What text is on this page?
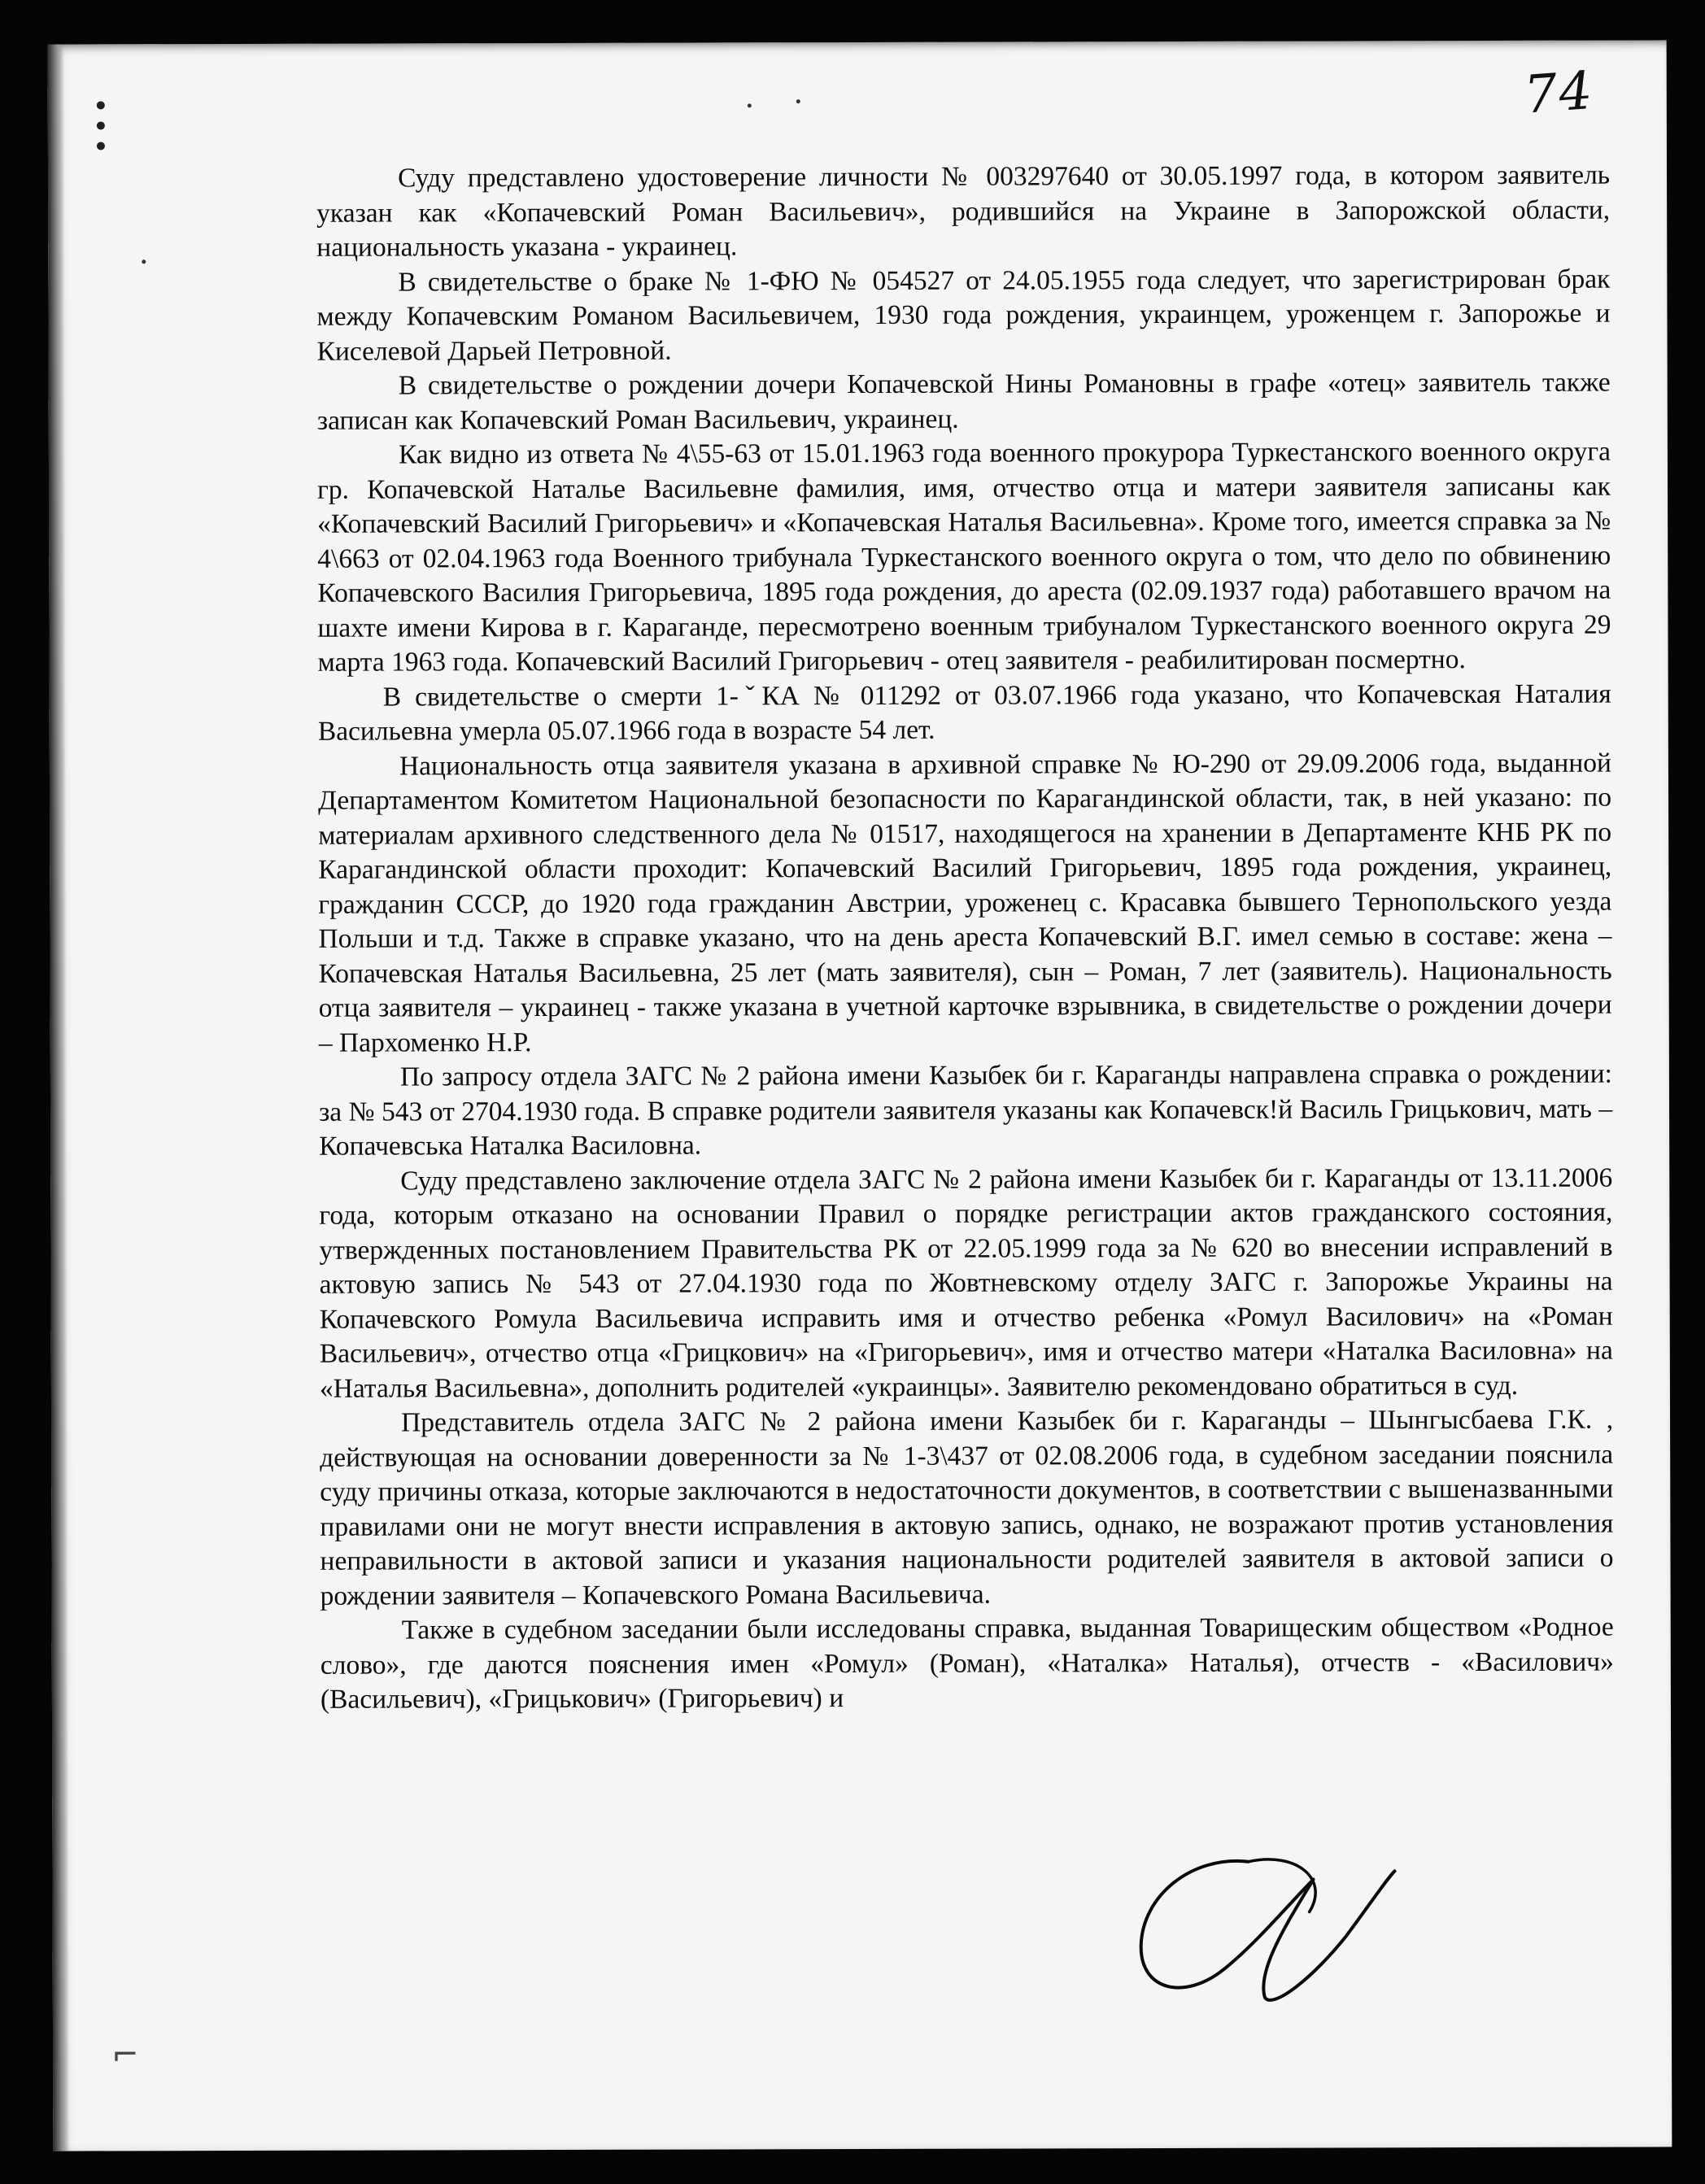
74
⌐

Суду представлено удостоверение личности № 003297640 от 30.05.1997 года, в котором заявитель указан как «Копачевский Роман Васильевич», родившийся на Украине в Запорожской области, национальность указана - украинец.

В свидетельстве о браке № 1-ФЮ № 054527 от 24.05.1955 года следует, что зарегистрирован брак между Копачевским Романом Васильевичем, 1930 года рождения, украинцем, уроженцем г. Запорожье и Киселевой Дарьей Петровной.

В свидетельстве о рождении дочери Копачевской Нины Романовны в графе «отец» заявитель также записан как Копачевский Роман Васильевич, украинец.

Как видно из ответа № 4\55-63 от 15.01.1963 года военного прокурора Туркестанского военного округа гр. Копачевской Наталье Васильевне фамилия, имя, отчество отца и матери заявителя записаны как «Копачевский Василий Григорьевич» и «Копачевская Наталья Васильевна». Кроме того, имеется справка за № 4\663 от 02.04.1963 года Военного трибунала Туркестанского военного округа о том, что дело по обвинению Копачевского Василия Григорьевича, 1895 года рождения, до ареста (02.09.1937 года) работавшего врачом на шахте имени Кирова в г. Караганде, пересмотрено военным трибуналом Туркестанского военного округа 29 марта 1963 года. Копачевский Василий Григорьевич - отец заявителя - реабилитирован посмертно.

В свидетельстве о смерти 1-ˇКА № 011292 от 03.07.1966 года указано, что Копачевская Наталия Васильевна умерла 05.07.1966 года в возрасте 54 лет.

Национальность отца заявителя указана в архивной справке № Ю-290 от 29.09.2006 года, выданной Департаментом Комитетом Национальной безопасности по Карагандинской области, так, в ней указано: по материалам архивного следственного дела № 01517, находящегося на хранении в Департаменте КНБ РК по Карагандинской области проходит: Копачевский Василий Григорьевич, 1895 года рождения, украинец, гражданин СССР, до 1920 года гражданин Австрии, уроженец с. Красавка бывшего Тернопольского уезда Польши и т.д. Также в справке указано, что на день ареста Копачевский В.Г. имел семью в составе: жена – Копачевская Наталья Васильевна, 25 лет (мать заявителя), сын – Роман, 7 лет (заявитель). Национальность отца заявителя – украинец - также указана в учетной карточке взрывника, в свидетельстве о рождении дочери – Пархоменко Н.Р.

По запросу отдела ЗАГС № 2 района имени Казыбек би г. Караганды направлена справка о рождении: за № 543 от 2704.1930 года. В справке родители заявителя указаны как Копачевск!й Василь Грицькович, мать – Копачевська Наталка Василовна.

Суду представлено заключение отдела ЗАГС № 2 района имени Казыбек би г. Караганды от 13.11.2006 года, которым отказано на основании Правил о порядке регистрации актов гражданского состояния, утвержденных постановлением Правительства РК от 22.05.1999 года за № 620 во внесении исправлений в актовую запись № 543 от 27.04.1930 года по Жовтневскому отделу ЗАГС г. Запорожье Украины на Копачевского Ромула Васильевича исправить имя и отчество ребенка «Ромул Василович» на «Роман Васильевич», отчество отца «Грицкович» на «Григорьевич», имя и отчество матери «Наталка Василовна» на «Наталья Васильевна», дополнить родителей «украинцы». Заявителю рекомендовано обратиться в суд.

Представитель отдела ЗАГС № 2 района имени Казыбек би г. Караганды – Шынгысбаева Г.К. , действующая на основании доверенности за № 1-3\437 от 02.08.2006 года, в судебном заседании пояснила суду причины отказа, которые заключаются в недостаточности документов, в соответствии с вышеназванными правилами они не могут внести исправления в актовую запись, однако, не возражают против установления неправильности в актовой записи и указания национальности родителей заявителя в актовой записи о рождении заявителя – Копачевского Романа Васильевича.

Также в судебном заседании были исследованы справка, выданная Товарищеским обществом «Родное слово», где даются пояснения имен «Ромул» (Роман), «Наталка» Наталья), отчеств - «Василович» (Васильевич), «Грицькович» (Григорьевич) и
